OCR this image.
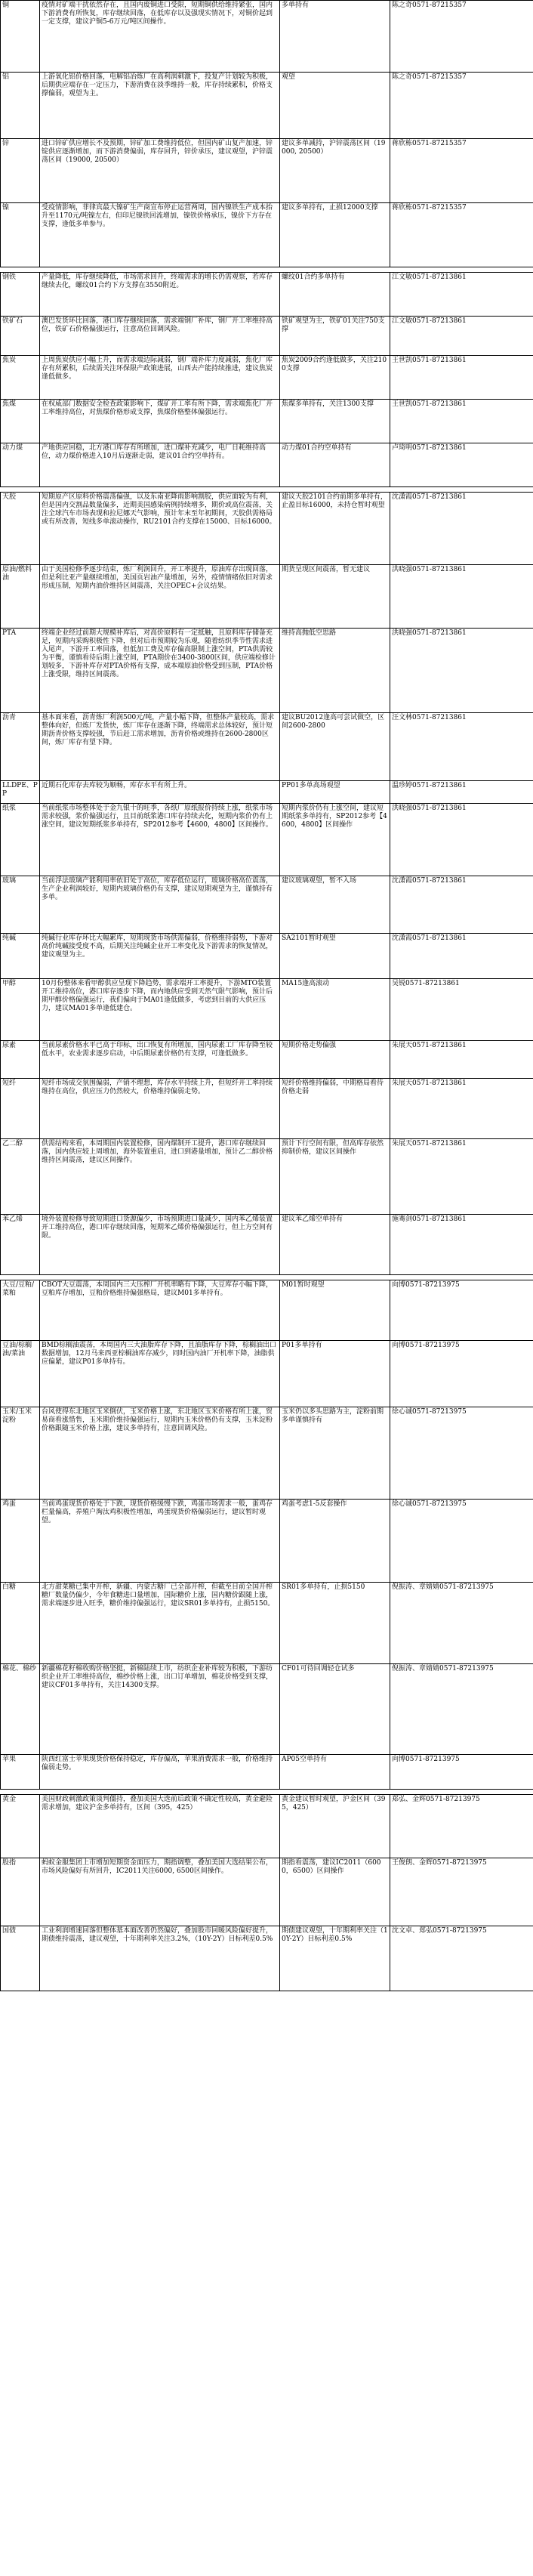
铜	疫情对矿端干扰依然存在，且国内废铜进口受限，短期铜供给维持紧张，国内下游消费有所恢复，库存继续回落，在低库存以及强现实情况下，对铜价起到一定支撑，建议沪铜5-6万元/吨区间操作。	多单持有	陈之奇0571-87215357
铝	上游氧化铝价格回落，电解铝冶炼厂在高利润刺激下，投复产计划较为积极，后期供应端存在一定压力，下游消费在淡季维持一般，库存持续累积，价格支撑偏弱，观望为主。	观望	陈之奇0571-87215357
锌	进口锌矿供应增长不及预期，锌矿加工费维持低位，但国内矿山复产加速，锌锭供应逐渐增加，而下游消费偏弱，库存回升，锌价承压，建议观望，沪锌震荡区间（19000, 20500）	建议多单减持，沪锌震荡区间（19000, 20500）	蒋欣栋0571-87215357
镍	受疫情影响，菲律宾最大镍矿生产商宣布停止运营两周，国内镍铁生产成本抬升至1170元/吨镍左右，但印尼镍铁回流增加，镍铁价格承压，镍价下方存在支撑，逢低多单参与。	建议多单持有，止损12000支撑	蒋欣栋0571-87215357

钢铁	产量降低，库存继续降低，市场需求回升，终端需求的增长仍需观察，若库存继续去化，螺纹01合约下方支撑在3550附近。	螺纹01合约多单持有	江文敏0571-87213861
铁矿石	澳巴发货环比回落，港口库存继续回落，需求端钢厂补库，钢厂开工率维持高位，铁矿石价格偏强运行，注意高位回调风险。	铁矿观望为主，铁矿01关注750支撑	江文敏0571-87213861
焦炭	上周焦炭供应小幅上升，而需求端边际减弱，钢厂端补库力度减弱，焦化厂库存有所累积，后续需关注环保限产政策进展，山西去产能持续推进，建议焦炭逢低做多。	焦炭2009合约逢低做多，关注2100支撑	王世凯0571-87213861
焦煤	在权威部门数据安全检查政策影响下，煤矿开工率有所下降，需求端焦化厂开工率维持高位，对焦煤价格形成支撑，焦煤价格整体偏强运行。	焦煤多单持有，关注1300支撑	王世凯0571-87213861
动力煤	产地供应回稳，北方港口库存有所增加，进口煤补充减少，电厂日耗维持高位，动力煤价格进入10月后逐渐走弱，建议01合约空单持有。	动力煤01合约空单持有	卢琦明0571-87213861

天胶	短期原产区原料价格震荡偏强，以及东南亚降雨影响割胶，供应面较为有利，但是国内交割品数量偏多，近期美国感染病例持续增多，期价或高位震荡，关注全球汽车市场表现和拉尼娜天气影响，预计年末至年初期间，天胶供需格局或有所改善，短线多单滚动操作，RU2101合约支撑在15000、目标16000。	建议天胶2101合约前期多单持有，止盈目标16000，未持仓暂时观望	沈潇霞0571-87213861
原油/燃料油	由于美国检修季逐步结束，炼厂利润回升，开工率提升，原油库存出现回落，但是利比亚产量继续增加，美国页岩油产量增加，另外，疫情情绪依旧对需求形成压制，短期内油价维持区间震荡，关注OPEC+会议结果。	期货呈现区间震荡，暂无建议	洪晓强0571-87213861
PTA	终端企业经过前期大规模补库后，对高价原料有一定抵触，且原料库存储备充足，短期内采购积极性下降，但对后市预期较为乐观，随着纺织季节性需求进入尾声，下游开工率回落，但低加工费及库存偏高限制上涨空间，PTA供需较为平衡，谨慎看待后期上涨空间，PTA期价在3400-3800区间，供应端检修计划较多，下游补库存对PTA价格有支撑，成本端原油价格受到压制，PTA价格上涨受限，维持区间震荡。	维持高抛低空思路	洪晓强0571-87213861
沥青	基本面来看，沥青炼厂利润500元/吨，产量小幅下降，但整体产量较高，需求整体向好，但炼厂发货快，炼厂库存在逐渐下降，终端需求总体较好，预计短期沥青价格支撑较强，节后赶工需求增加，沥青价格或维持在2600-2800区间，炼厂库存有望下降。	建议BU2012逢高可尝试做空，区间2600-2800	汪文林0571-87213861
LLDPE、PP	近期石化库存去库较为顺畅，库存水平有所上升。	PP01多单高场观望	温珍婷0571-87213861
纸浆	当前纸浆市场整体处于金九银十的旺季，各纸厂原纸报价持续上涨，纸浆市场需求较强，浆价偏强运行，且目前纸浆港口库存持续去化，短期内浆价仍有上涨空间，建议短期纸浆多单持有，SP2012参考【4600，4800】区间操作。	短期内浆价仍有上涨空间，建议短期纸浆多单持有，SP2012参考【4600，4800】区间操作	洪晓强0571-87213861
玻璃	当前浮法玻璃产能利用率依旧处于高位，库存低位运行，玻璃价格高位震荡，生产企业利润较好，短期内玻璃价格仍有支撑，建议短期观望为主，谨慎持有多单。	建议玻璃观望，暂不入场	沈潇霞0571-87213861
纯碱	纯碱行业库存环比大幅累库，短期现货市场供需偏弱，价格维持弱势，下游对高价纯碱接受度不高，后期关注纯碱企业开工率变化及下游需求的恢复情况，建议观望为主。	SA2101暂时观望	沈潇霞0571-87213861
甲醇	10月份整体来看甲醇供应呈现下降趋势，需求端开工率提升，下游MTO装置开工维持高位，港口库存逐步下降，而内地供应受到天然气限气影响，预计后期甲醇价格偏强运行，我们偏向于MA01逢低做多，考虑到目前的大供应压力，建议MA01多单逢低建仓。	MA15逢高滚动	吴锐0571-87213861
尿素	当前尿素价格水平已高于印标，出口恢复有所增加，国内尿素工厂库存降至较低水平，农业需求逐步启动，中后期尿素价格仍有支撑，可逢低做多。	短期价格走势偏强	朱展天0571-87213861
短纤	短纤市场成交氛围偏弱，产销不理想，库存水平持续上升，但短纤开工率持续维持在高位，供应压力仍然较大，价格维持偏弱走势。	短纤价格维持偏弱，中期格局看待价格走弱	朱展天0571-87213861
乙二醇	供需结构来看，本周期国内装置检修，国内煤制开工提升，港口库存继续回落，国内供应较上周增加，海外装置重启，进口到港量增加，预计乙二醇价格维持区间震荡，建议区间操作。	预计下行空间有限，但高库存依然抑制价格，建议区间操作	朱展天0571-87213861
苯乙烯	境外装置检修导致短期进口货源偏少，市场预期进口量减少，国内苯乙烯装置开工维持高位，港口库存继续回落，短期苯乙烯价格偏强运行，但上方空间有限。	建议苯乙烯空单持有	施骞剑0571-87213861

大豆/豆粕/菜粕	CBOT大豆震荡，本周国内三大压榨厂开机率略有下降，大豆库存小幅下降，豆粕库存增加，豆粕价格维持偏强格局，建议M01多单持有。	M01暂时观望	向博0571-87213975
豆油/棕榈油/菜油	BMD棕榈油震荡，本周国内三大油脂库存下降，且油脂库存下降，棕榈油出口数据增加，12月马来西亚棕榈油库存减少，同时国内油厂开机率下降，油脂供应偏紧，建议P01多单持有。	P01多单持有	向博0571-87213975
玉米/玉米淀粉	台风使得东北地区玉米倒伏，玉米价格上涨，东北地区玉米价格有所上涨，贸易商看涨惜售，玉米期价维持偏强运行，短期内玉米价格仍有支撑，玉米淀粉价格跟随玉米价格上涨，建议多单持有，注意回调风险。	玉米仍以多头思路为主，淀粉前期多单谨慎持有	徐心诚0571-87213975
鸡蛋	当前鸡蛋现货价格处于下跌，现货价格缓慢下跌，鸡蛋市场需求一般，蛋鸡存栏量偏高，养殖户淘汰鸡积极性增加，鸡蛋现货价格偏弱运行，建议暂时观望。	鸡蛋考虑1-5反套操作	徐心诚0571-87213975
白糖	北方甜菜糖已集中开榨，新疆、内蒙古糖厂已全部开榨，但截至目前全国开榨糖厂数量仍偏少，今年食糖进口量增加，国际糖价上涨，国内糖价跟随上涨，需求端逐步进入旺季，糖价维持偏强运行，建议SR01多单持有，止损5150。	SR01多单持有，止损5150	倪振涛、章婧婧0571-87213975
棉花、棉纱	新疆棉花籽棉收购价格坚挺，新棉陆续上市，纺织企业补库较为积极，下游纺织企业开工率维持高位，棉纱价格上涨，出口订单增加，棉花价格受到支撑，建议CF01多单持有，关注14300支撑。	CF01可待回调轻仓试多	倪振涛、章婧婧0571-87213975
苹果	陕西红富士苹果现货价格保持稳定，库存偏高，苹果消费需求一般，价格维持偏弱走势。	AP05空单持有	向博0571-87213975

黄金	美国财政刺激政策谈判僵持，叠加美国大选前后政策不确定性较高，黄金避险需求增加，建议沪金多单持有，区间（395，425）	黄金建议暂时观望，沪金区间（395，425）	郑弘、金辉0571-87213975
股指	蚂蚁金服集团上市增加短期资金面压力，期指调整，叠加美国大选结果公布，市场风险偏好有所回升，IC2011关注6000, 6500区间操作。	期指看震荡，建议IC2011（6000，6500）区间操作	王俊朗、金辉0571-87213975
国债	工业利润增速回落但整体基本面改善仍然偏好，叠加股市回暖风险偏好提升，期债维持震荡，建议观望，十年期利率关注3.2%，（10Y-2Y）目标利差0.5%	期债建议观望，十年期利率关注（10Y-2Y）目标利差0.5%	沈文卓、郑弘0571-87213975
